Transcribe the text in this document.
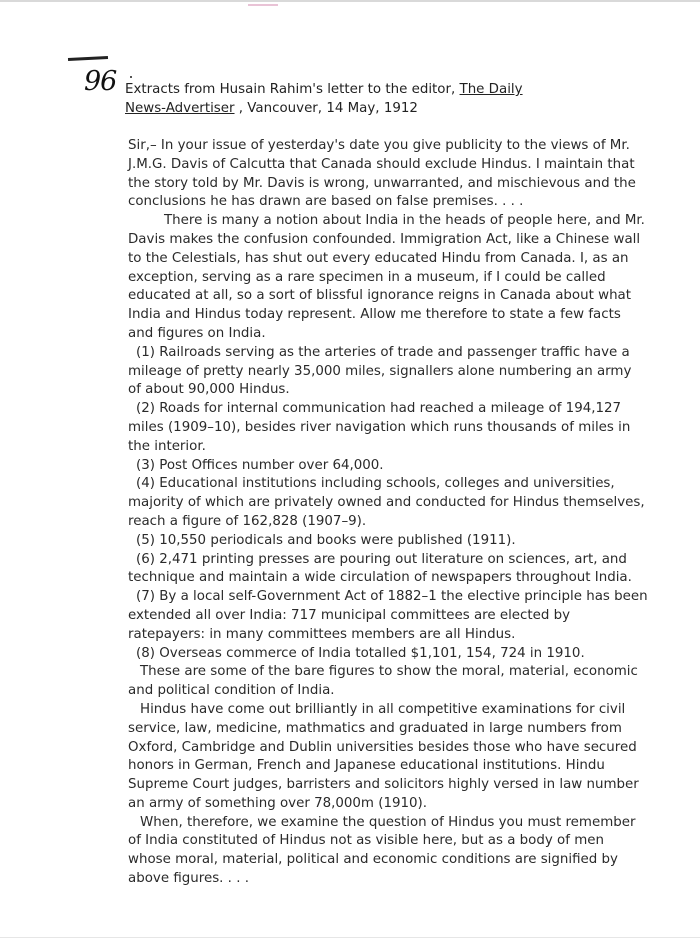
96 Extracts from Husain Rahim's letter to the editor, The Daily
News-Advertiser , Vancouver, 14 May, 1912

Sir,– In your issue of yesterday's date you give publicity to the views of Mr. J.M.G. Davis of Calcutta that Canada should exclude Hindus. I maintain that the story told by Mr. Davis is wrong, unwarranted, and mischievous and the conclusions he has drawn are based on false premises. . . .

There is many a notion about India in the heads of people here, and Mr. Davis makes the confusion confounded. Immigration Act, like a Chinese wall to the Celestials, has shut out every educated Hindu from Canada. I, as an exception, serving as a rare specimen in a museum, if I could be called educated at all, so a sort of blissful ignorance reigns in Canada about what India and Hindus today represent. Allow me therefore to state a few facts and figures on India.

(1) Railroads serving as the arteries of trade and passenger traffic have a mileage of pretty nearly 35,000 miles, signallers alone numbering an army of about 90,000 Hindus.

(2) Roads for internal communication had reached a mileage of 194,127 miles (1909–10), besides river navigation which runs thousands of miles in the interior.

(3) Post Offices number over 64,000.

(4) Educational institutions including schools, colleges and universities, majority of which are privately owned and conducted for Hindus themselves, reach a figure of 162,828 (1907–9).

(5) 10,550 periodicals and books were published (1911).

(6) 2,471 printing presses are pouring out literature on sciences, art, and technique and maintain a wide circulation of newspapers throughout India.

(7) By a local self-Government Act of 1882–1 the elective principle has been extended all over India: 717 municipal committees are elected by ratepayers: in many committees members are all Hindus.

(8) Overseas commerce of India totalled $1,101, 154, 724 in 1910.

These are some of the bare figures to show the moral, material, economic and political condition of India.

Hindus have come out brilliantly in all competitive examinations for civil service, law, medicine, mathmatics and graduated in large numbers from Oxford, Cambridge and Dublin universities besides those who have secured honors in German, French and Japanese educational institutions. Hindu Supreme Court judges, barristers and solicitors highly versed in law number an army of something over 78,000m (1910).

When, therefore, we examine the question of Hindus you must remember of India constituted of Hindus not as visible here, but as a body of men whose moral, material, political and economic conditions are signified by above figures. . . .
